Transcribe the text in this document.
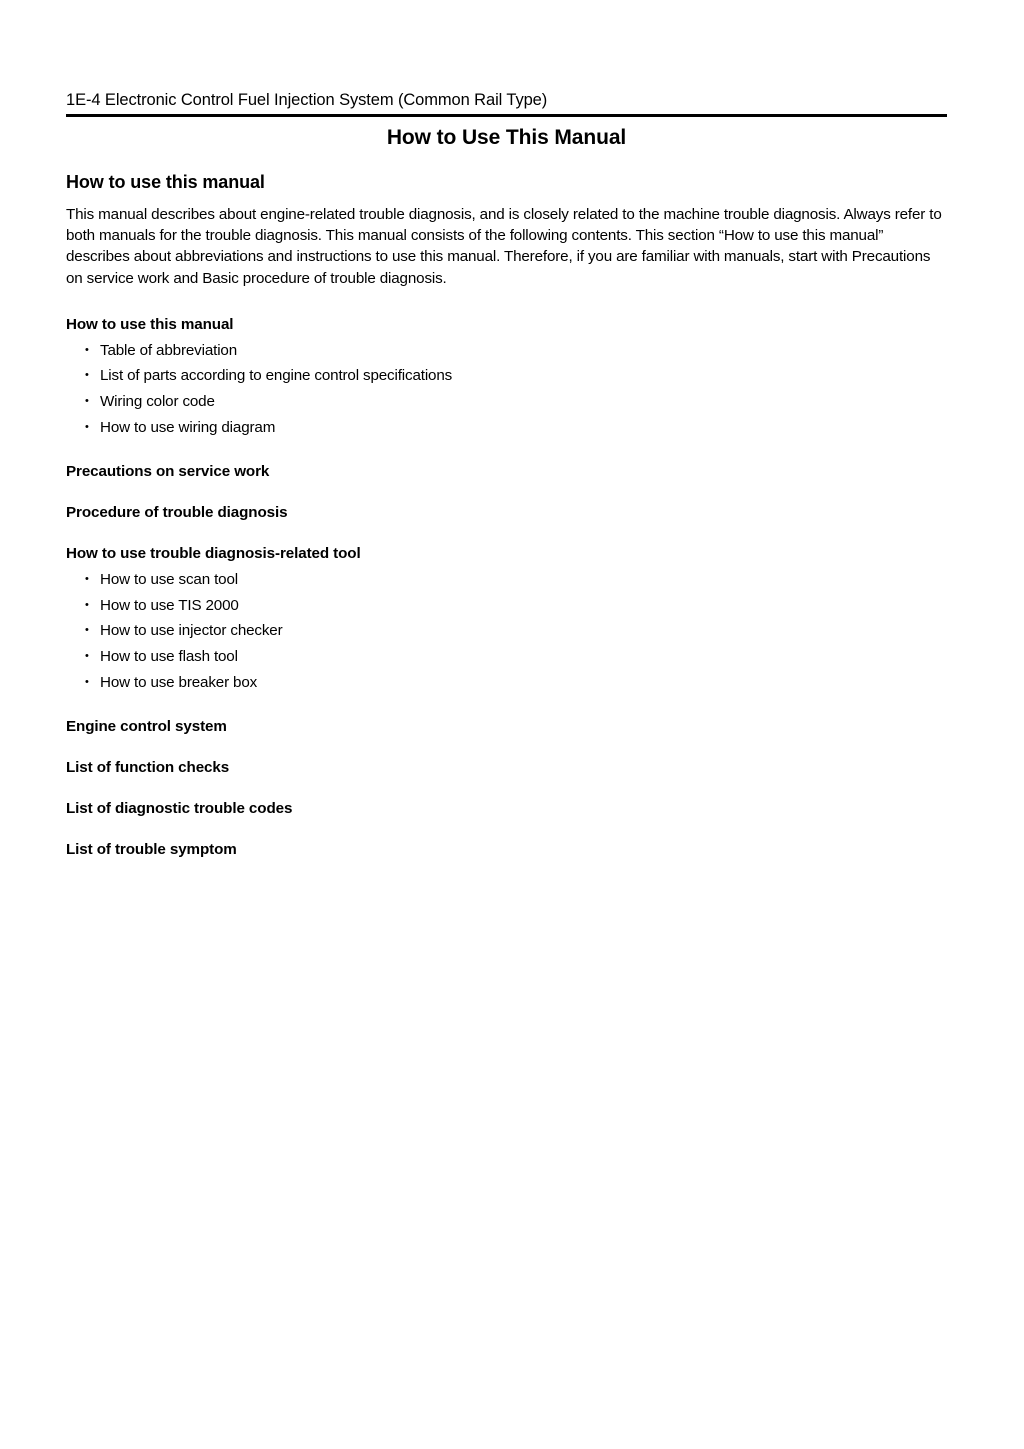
1E-4 Electronic Control Fuel Injection System (Common Rail Type)
How to Use This Manual
How to use this manual

This manual describes about engine-related trouble diagnosis, and is closely related to the machine trouble diagnosis. Always refer to both manuals for the trouble diagnosis. This manual consists of the following contents. This section “How to use this manual” describes about abbreviations and instructions to use this manual. Therefore, if you are familiar with manuals, start with Precautions on service work and Basic procedure of trouble diagnosis.

How to use this manual
• Table of abbreviation
• List of parts according to engine control specifications
• Wiring color code
• How to use wiring diagram
Precautions on service work
Procedure of trouble diagnosis
How to use trouble diagnosis-related tool
• How to use scan tool
• How to use TIS 2000
• How to use injector checker
• How to use flash tool
• How to use breaker box
Engine control system
List of function checks
List of diagnostic trouble codes
List of trouble symptom
